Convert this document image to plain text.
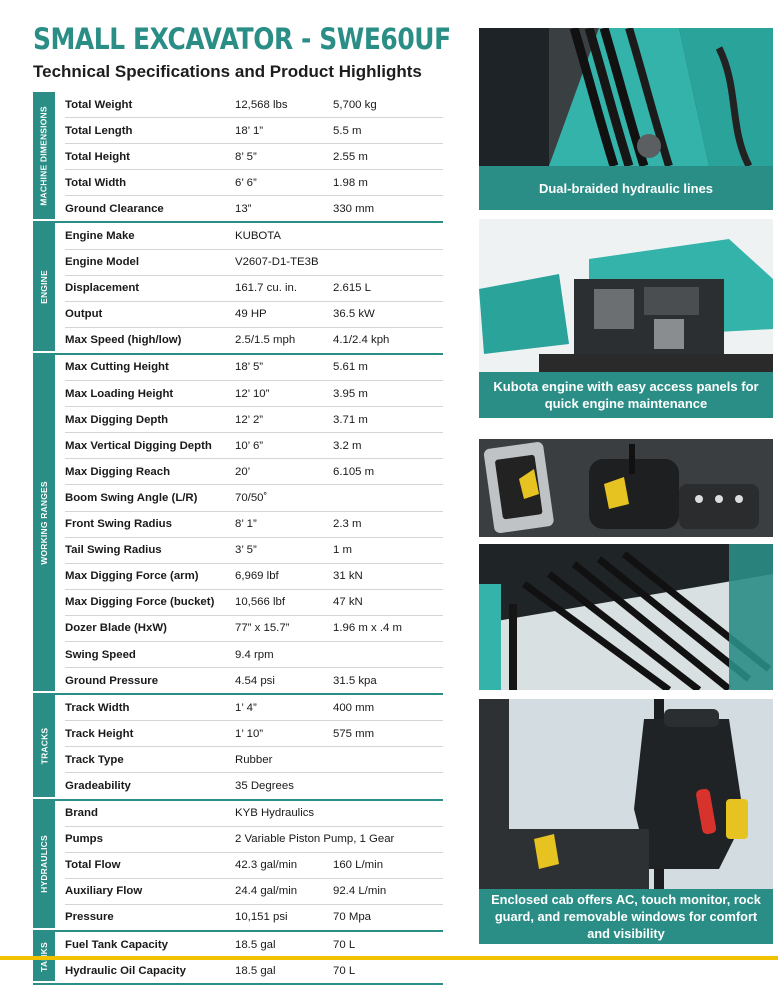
SMALL EXCAVATOR - SWE60UF
Technical Specifications and Product Highlights
MACHINE DIMENSIONS
Total Weight	12,568 lbs	5,700 kg
Total Length	18’ 1”	5.5 m
Total Height	8’ 5”	2.55 m
Total Width	6’ 6”	1.98 m
Ground Clearance	13”	330 mm
ENGINE
Engine Make	KUBOTA
Engine Model	V2607-D1-TE3B
Displacement	161.7 cu. in.	2.615 L
Output	49 HP	36.5 kW
Max Speed (high/low)	2.5/1.5 mph	4.1/2.4 kph
WORKING RANGES
Max Cutting Height	18’ 5”	5.61 m
Max Loading Height	12’ 10”	3.95 m
Max Digging Depth	12’ 2”	3.71 m
Max Vertical Digging Depth	10’ 6”	3.2 m
Max Digging Reach	20’	6.105 m
Boom Swing Angle (L/R)	70/50˚
Front Swing Radius	8’ 1”	2.3 m
Tail Swing Radius	3’ 5”	1 m
Max Digging Force (arm)	6,969 lbf	31 kN
Max Digging Force (bucket)	10,566 lbf	47 kN
Dozer Blade (HxW)	77” x 15.7”	1.96 m x .4 m
Swing Speed	9.4 rpm
Ground Pressure	4.54 psi	31.5 kpa
TRACKS
Track Width	1’ 4”	400 mm
Track Height	1’ 10”	575 mm
Track Type	Rubber
Gradeability	35 Degrees
HYDRAULICS
Brand	KYB Hydraulics
Pumps	2 Variable Piston Pump, 1 Gear
Total Flow	42.3 gal/min	160 L/min
Auxiliary Flow	24.4 gal/min	92.4 L/min
Pressure	10,151 psi	70 Mpa
Fuel Tank Capacity	18.5 gal	70 L
Hydraulic Oil Capacity	18.5 gal	70 L
Dual-braided hydraulic lines
Kubota engine with easy access panels for quick engine maintenance
Enclosed cab offers AC, touch monitor, rock guard, and removable windows for comfort and visibility
